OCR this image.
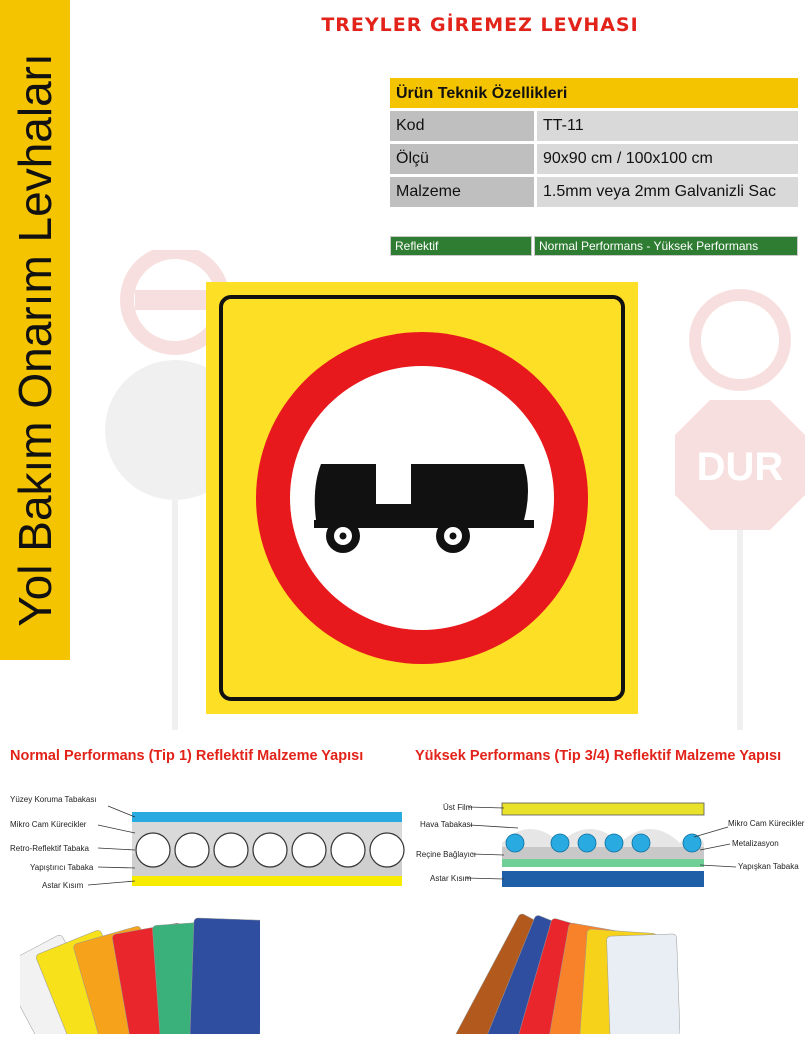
Yol Bakım Onarım Levhaları
TREYLER GİREMEZ LEVHASI
Ürün Teknik Özellikleri	
Kod	TT-11
Ölçü	90x90 cm / 100x100 cm
Malzeme	1.5mm veya 2mm Galvanizli Sac
Reflektif	Normal Performans - Yüksek Performans
DUR
Normal Performans (Tip 1) Reflektif Malzeme Yapısı	Yüksek Performans (Tip 3/4) Reflektif Malzeme Yapısı
Yüzey Koruma Tabakası
Mikro Cam Kürecikler
Retro-Reflektif Tabaka
Yapıştırıcı Tabaka
Astar Kısım
Üst Film
Hava Tabakası
Reçine Bağlayıcı
Astar Kısım
Mikro Cam Kürecikler
Metalizasyon
Yapışkan Tabaka
